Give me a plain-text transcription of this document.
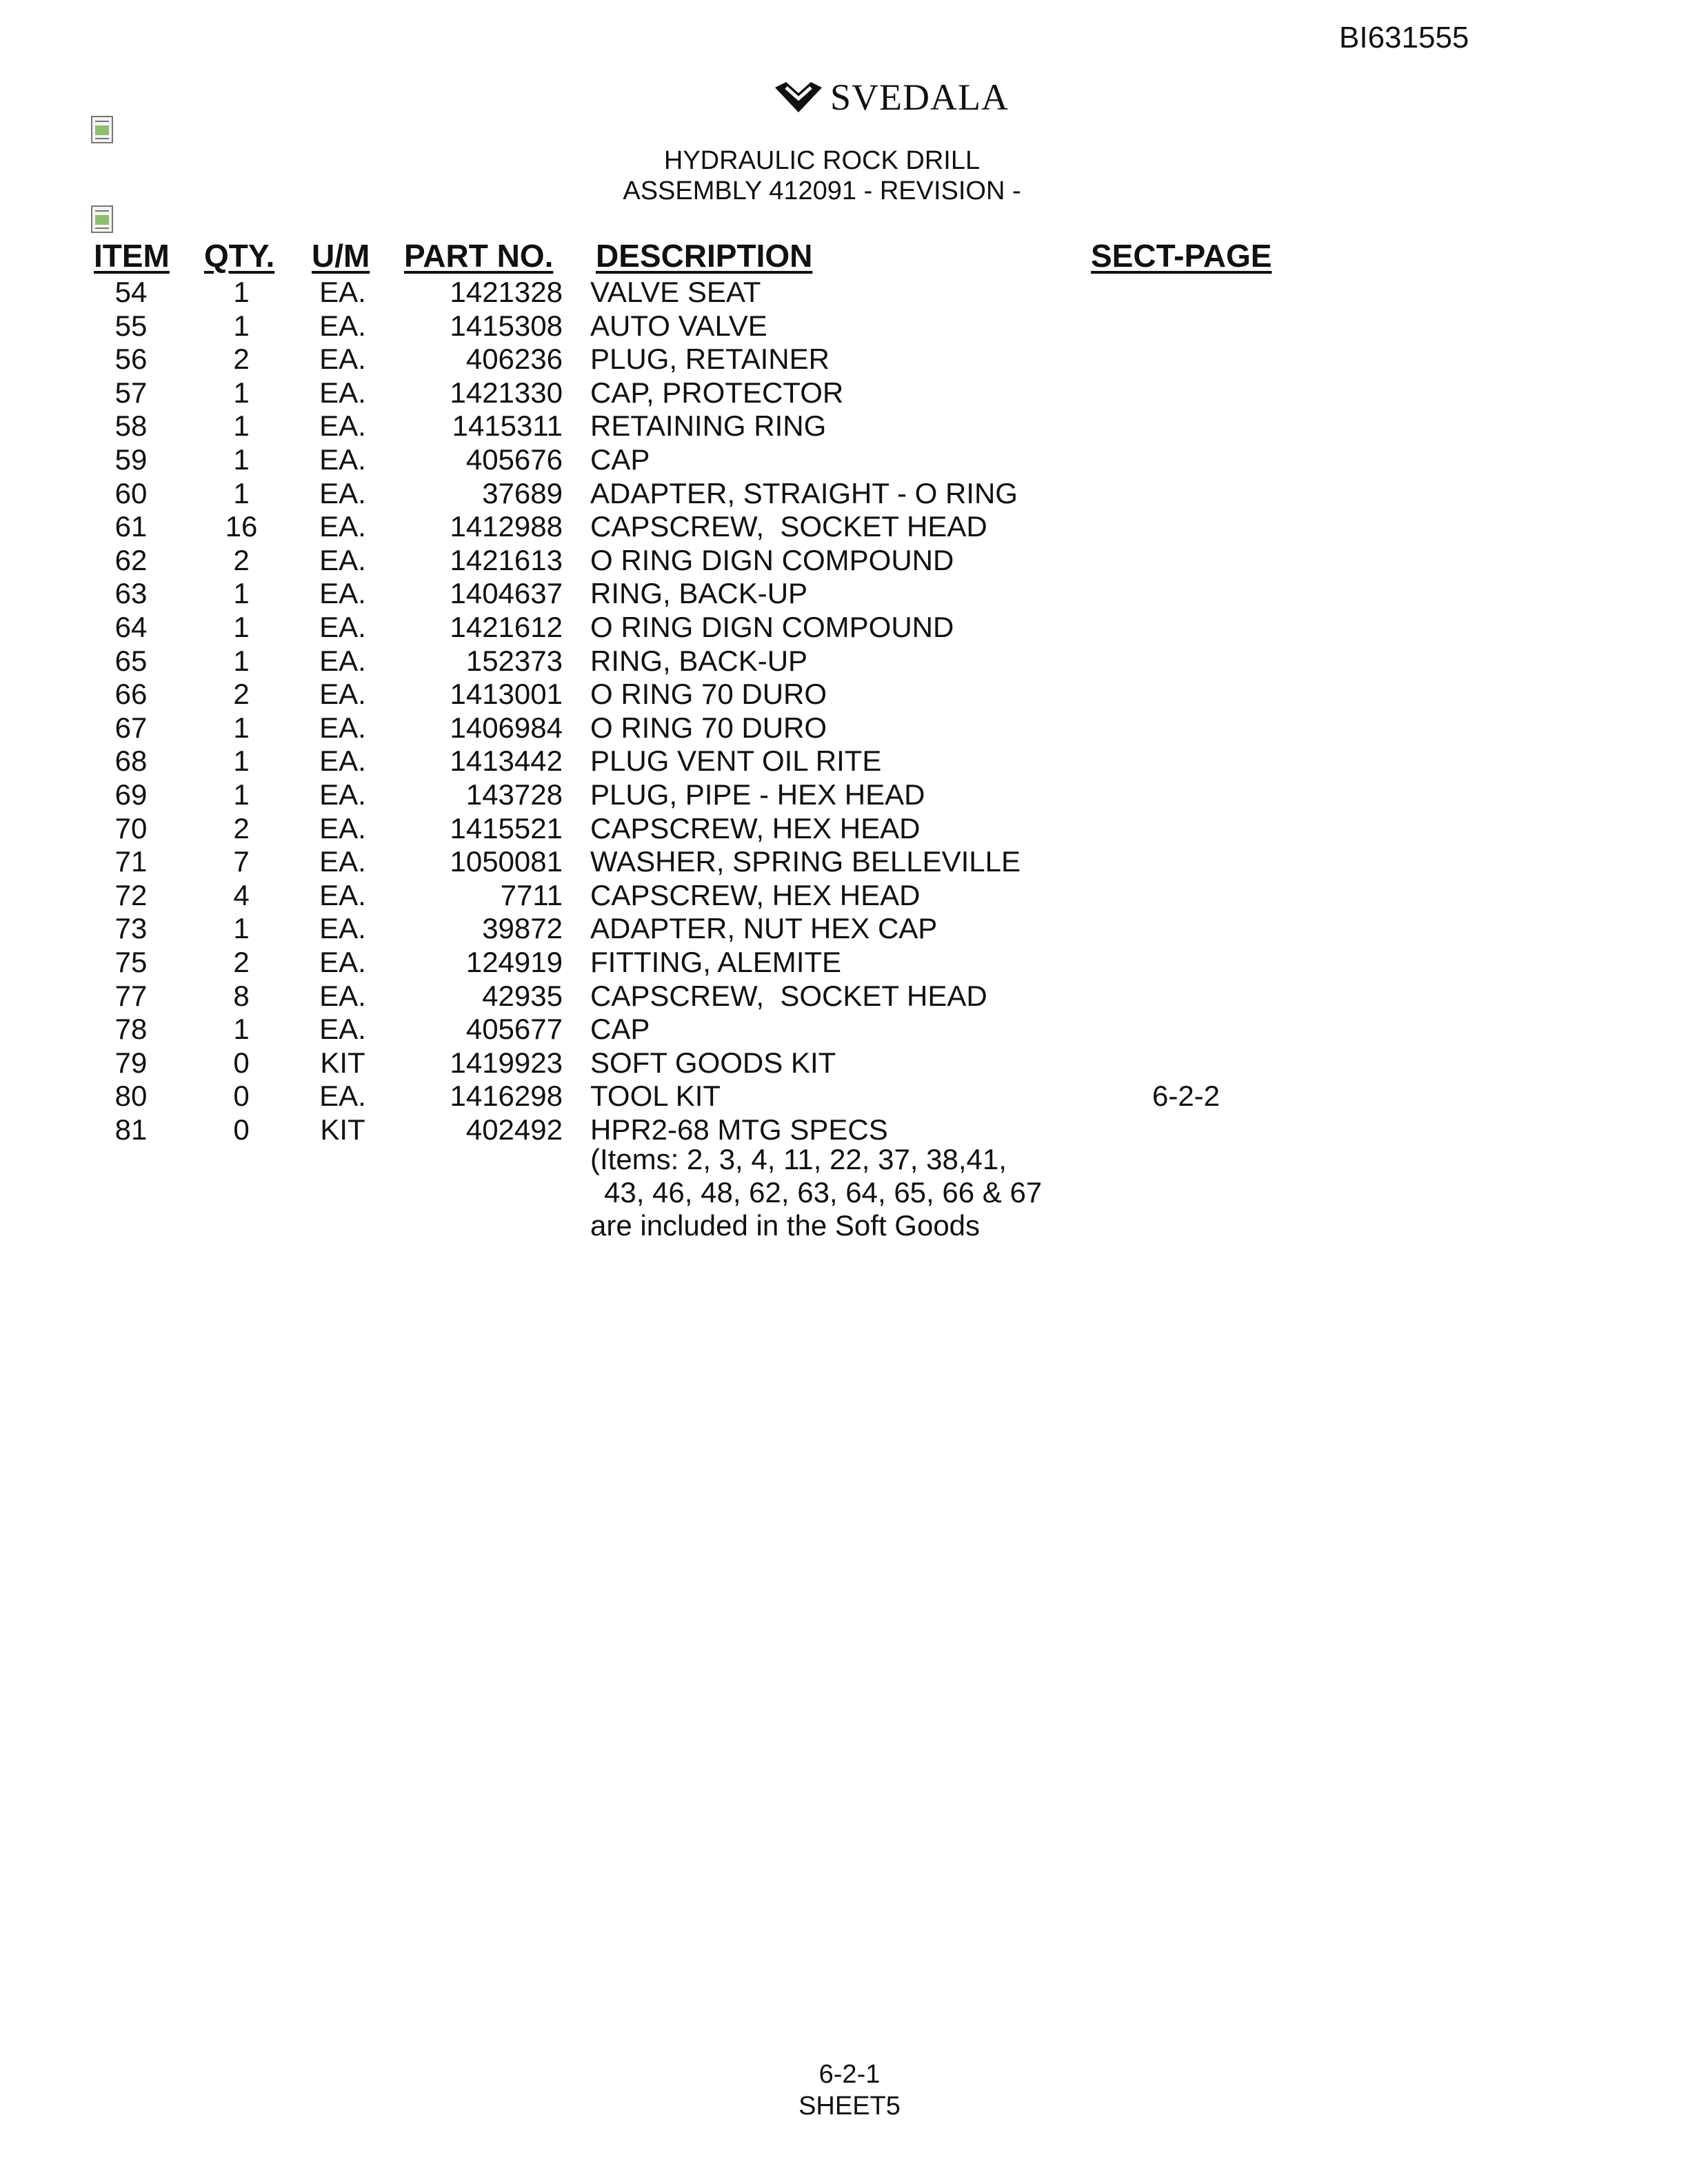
BI631555
SVEDALA
HYDRAULIC ROCK DRILL
ASSEMBLY 412091 - REVISION -
ITEM QTY. U/M PART NO. DESCRIPTION	SECT-PAGE
54	1	EA.	1421328 VALVE SEAT
55	1	EA.	1415308 AUTO VALVE
56	2	EA.	406236 PLUG, RETAINER
57	1	EA.	1421330 CAP, PROTECTOR
58	1	EA.	1415311 RETAINING RING
59	1	EA.	405676 CAP
60	1	EA.	37689 ADAPTER, STRAIGHT - O RING
61	16	EA.	1412988 CAPSCREW,  SOCKET HEAD
62	2	EA.	1421613 O RING DIGN COMPOUND
63	1	EA.	1404637 RING, BACK-UP
64	1	EA.	1421612 O RING DIGN COMPOUND
65	1	EA.	152373 RING, BACK-UP
66	2	EA.	1413001 O RING 70 DURO
67	1	EA.	1406984 O RING 70 DURO
68	1	EA.	1413442 PLUG VENT OIL RITE
69	1	EA.	143728 PLUG, PIPE - HEX HEAD
70	2	EA.	1415521 CAPSCREW, HEX HEAD
71	7	EA.	1050081 WASHER, SPRING BELLEVILLE
72	4	EA.	7711 CAPSCREW, HEX HEAD
73	1	EA.	39872 ADAPTER, NUT HEX CAP
75	2	EA.	124919 FITTING, ALEMITE
77	8	EA.	42935 CAPSCREW,  SOCKET HEAD
78	1	EA.	405677 CAP
79	0	KIT	1419923 SOFT GOODS KIT
80	0	EA.	1416298 TOOL KIT	6-2-2
81	0	KIT	402492 HPR2-68 MTG SPECS
(Items: 2, 3, 4, 11, 22, 37, 38,41,
43, 46, 48, 62, 63, 64, 65, 66 & 67
are included in the Soft Goods
6-2-1
SHEET5
